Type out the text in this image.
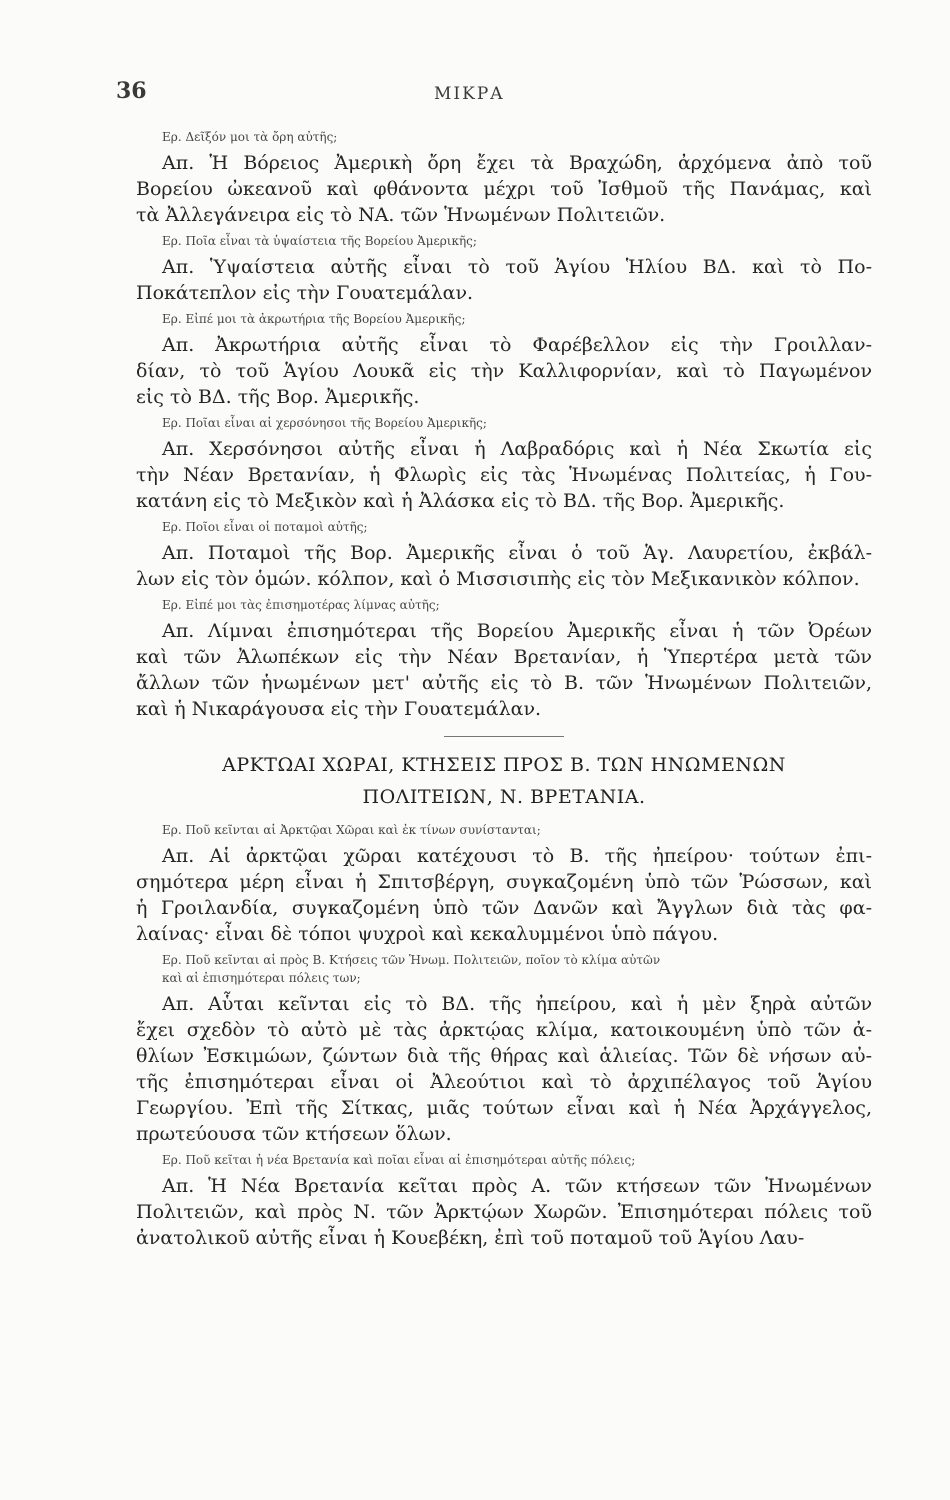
36	ΜΙΚΡΑ
Ερ. Δεῖξόν μοι τὰ ὄρη αὐτῆς;
Απ. Ἡ Βόρειος Ἀμερικὴ ὄρη ἔχει τὰ Βραχώδη, ἀρχόμενα ἀπὸ τοῦ
Βορείου ὠκεανοῦ καὶ φθάνοντα μέχρι τοῦ Ἰσθμοῦ τῆς Πανάμας, καὶ
τὰ Ἀλλεγάνειρα εἰς τὸ ΝΑ. τῶν Ἡνωμένων Πολιτειῶν.
Ερ. Ποῖα εἶναι τὰ ὑψαίστεια τῆς Βορείου Ἀμερικῆς;
Απ. Ὑψαίστεια αὐτῆς εἶναι τὸ τοῦ Ἁγίου Ἡλίου ΒΔ. καὶ τὸ Πο-
Ποκάτεπλον εἰς τὴν Γουατεμάλαν.
Ερ. Εἰπέ μοι τὰ ἀκρωτήρια τῆς Βορείου Ἀμερικῆς;
Απ. Ἀκρωτήρια αὐτῆς εἶναι τὸ Φαρέβελλον εἰς τὴν Γροιλλαν-
δίαν, τὸ τοῦ Ἁγίου Λουκᾶ εἰς τὴν Καλλιφορνίαν, καὶ τὸ Παγωμένον
εἰς τὸ ΒΔ. τῆς Βορ. Ἀμερικῆς.
Ερ. Ποῖαι εἶναι αἱ χερσόνησοι τῆς Βορείου Ἀμερικῆς;
Απ. Χερσόνησοι αὐτῆς εἶναι ἡ Λαβραδόρις καὶ ἡ Νέα Σκωτία εἰς
τὴν Νέαν Βρετανίαν, ἡ Φλωρὶς εἰς τὰς Ἡνωμένας Πολιτείας, ἡ Γου-
κατάνη εἰς τὸ Μεξικὸν καὶ ἡ Ἀλάσκα εἰς τὸ ΒΔ. τῆς Βορ. Ἀμερικῆς.
Ερ. Ποῖοι εἶναι οἱ ποταμοὶ αὐτῆς;
Απ. Ποταμοὶ τῆς Βορ. Ἀμερικῆς εἶναι ὁ τοῦ Ἁγ. Λαυρετίου, ἐκβάλ-
λων εἰς τὸν ὁμών. κόλπον, καὶ ὁ Μισσισιπὴς εἰς τὸν Μεξικανικὸν κόλπον.
Ερ. Εἰπέ μοι τὰς ἐπισημοτέρας λίμνας αὐτῆς;
Απ. Λίμναι ἐπισημότεραι τῆς Βορείου Ἀμερικῆς εἶναι ἡ τῶν Ὀρέων
καὶ τῶν Ἀλωπέκων εἰς τὴν Νέαν Βρετανίαν, ἡ Ὑπερτέρα μετὰ τῶν
ἄλλων τῶν ἡνωμένων μετ' αὐτῆς εἰς τὸ Β. τῶν Ἡνωμένων Πολιτειῶν,
καὶ ἡ Νικαράγουσα εἰς τὴν Γουατεμάλαν.
ΑΡΚΤΩΑΙ ΧΩΡΑΙ, ΚΤΗΣΕΙΣ ΠΡΟΣ Β. ΤΩΝ ΗΝΩΜΕΝΩΝ
ΠΟΛΙΤΕΙΩΝ, Ν. ΒΡΕΤΑΝΙΑ.
Ερ. Ποῦ κεῖνται αἱ Ἀρκτῷαι Χῶραι καὶ ἐκ τίνων συνίστανται;
Απ. Αἱ ἀρκτῷαι χῶραι κατέχουσι τὸ Β. τῆς ἠπείρου· τούτων ἐπι-
σημότερα μέρη εἶναι ἡ Σπιτσβέργη, συγκαζομένη ὑπὸ τῶν Ῥώσσων, καὶ
ἡ Γροιλανδία, συγκαζομένη ὑπὸ τῶν Δανῶν καὶ Ἄγγλων διὰ τὰς φα-
λαίνας· εἶναι δὲ τόποι ψυχροὶ καὶ κεκαλυμμένοι ὑπὸ πάγου.
Ερ. Ποῦ κεῖνται αἱ πρὸς Β. Κτήσεις τῶν Ἡνωμ. Πολιτειῶν, ποῖον τὸ κλίμα αὐτῶν
καὶ αἱ ἐπισημότεραι πόλεις των;
Απ. Αὗται κεῖνται εἰς τὸ ΒΔ. τῆς ἠπείρου, καὶ ἡ μὲν ξηρὰ αὐτῶν
ἔχει σχεδὸν τὸ αὐτὸ μὲ τὰς ἀρκτῴας κλίμα, κατοικουμένη ὑπὸ τῶν ἀ-
θλίων Ἐσκιμώων, ζώντων διὰ τῆς θήρας καὶ ἁλιείας. Τῶν δὲ νήσων αὐ-
τῆς ἐπισημότεραι εἶναι οἱ Ἀλεούτιοι καὶ τὸ ἀρχιπέλαγος τοῦ Ἁγίου
Γεωργίου. Ἐπὶ τῆς Σίτκας, μιᾶς τούτων εἶναι καὶ ἡ Νέα Ἀρχάγγελος,
πρωτεύουσα τῶν κτήσεων ὅλων.
Ερ. Ποῦ κεῖται ἡ νέα Βρετανία καὶ ποῖαι εἶναι αἱ ἐπισημότεραι αὐτῆς πόλεις;
Απ. Ἡ Νέα Βρετανία κεῖται πρὸς Α. τῶν κτήσεων τῶν Ἡνωμένων
Πολιτειῶν, καὶ πρὸς Ν. τῶν Ἀρκτῴων Χωρῶν. Ἐπισημότεραι πόλεις τοῦ
ἀνατολικοῦ αὐτῆς εἶναι ἡ Κουεβέκη, ἐπὶ τοῦ ποταμοῦ τοῦ Ἁγίου Λαυ-
